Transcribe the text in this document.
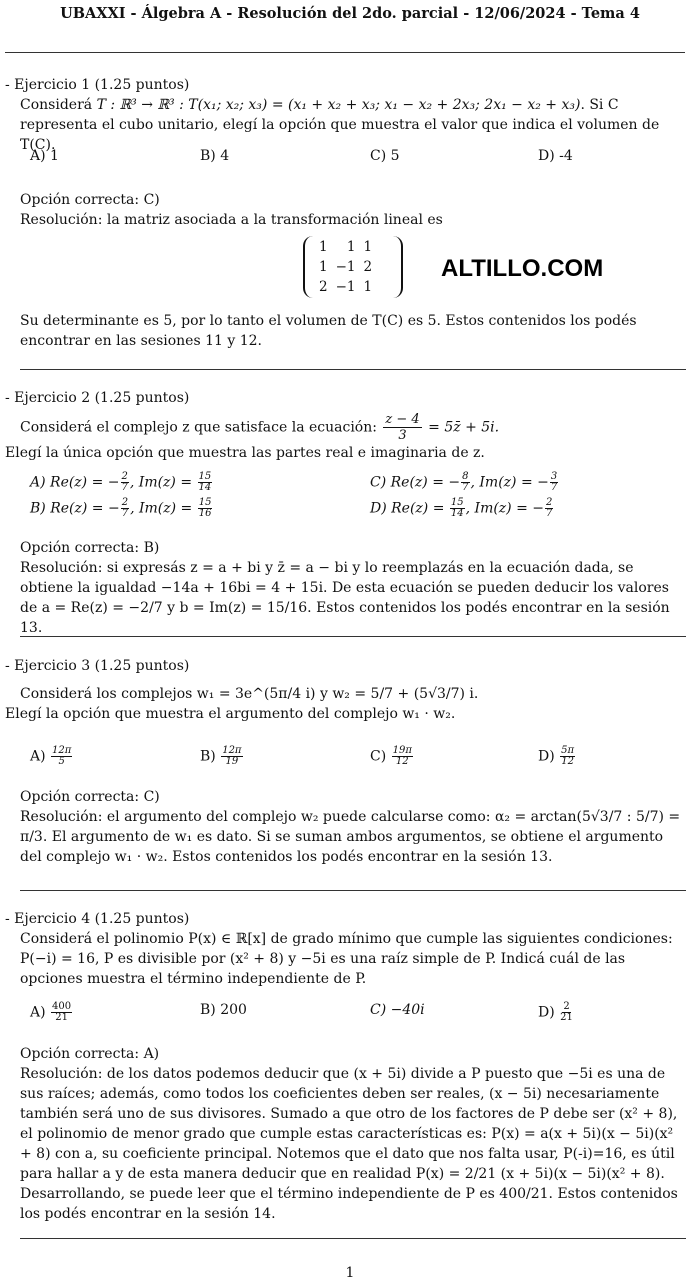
UBAXXI - Álgebra A - Resolución del 2do. parcial - 12/06/2024 - Tema 4
- Ejercicio 1 (1.25 puntos)
Considerá T : ℝ³ → ℝ³ : T(x₁; x₂; x₃) = (x₁ + x₂ + x₃; x₁ − x₂ + 2x₃; 2x₁ − x₂ + x₃). Si C representa el cubo unitario, elegí la opción que muestra el valor que indica el volumen de T(C).
A) 1	B) 4	C) 5	D) -4
Opción correcta: C)
Resolución: la matriz asociada a la transformación lineal es
1	1	1
1	−1	2
2	−1	1
ALTILLO.COM
Su determinante es 5, por lo tanto el volumen de T(C) es 5. Estos contenidos los podés encontrar en las sesiones 11 y 12.
- Ejercicio 2 (1.25 puntos)
Considerá el complejo z que satisface la ecuación: $\frac{z - 4}{3}$ = 5z̄ + 5i.
Elegí la única opción que muestra las partes real e imaginaria de z.
A) Re(z) = − $\frac{2}{7}$ , $Im(z) = \frac{15}{14}$	C) Re(z) = − $\frac{8}{7}$ , Im(z) = − $\frac{3}{7}$
B) Re(z) = − $\frac{2}{7}$ , $Im(z) = \frac{15}{16}$	D) $Re(z) = \frac{15}{14}$ , Im(z) = − $\frac{2}{7}$
Opción correcta: B)
Resolución: si expresás z = a + bi y z̄ = a − bi y lo reemplazás en la ecuación dada, se obtiene la igualdad −14a + 16bi = 4 + 15i. De esta ecuación se pueden deducir los valores de a = Re(z) = −2/7 y b = Im(z) = 15/16. Estos contenidos los podés encontrar en la sesión 13.
- Ejercicio 3 (1.25 puntos)
Considerá los complejos w₁ = 3e^(5π/4 i) y w₂ = 5/7 + (5√3/7) i.
Elegí la opción que muestra el argumento del complejo w₁ · w₂.
$A) \frac{12\pi}{5}$	$B) \frac{12\pi}{19}$	$C) \frac{19\pi}{12}$	$D) \frac{5\pi}{12}$
Opción correcta: C)
Resolución: el argumento del complejo w₂ puede calcularse como: α₂ = arctan(5√3/7 : 5/7) = π/3. El argumento de w₁ es dato. Si se suman ambos argumentos, se obtiene el argumento del complejo w₁ · w₂. Estos contenidos los podés encontrar en la sesión 13.
- Ejercicio 4 (1.25 puntos)
Considerá el polinomio P(x) ∈ ℝ[x] de grado mínimo que cumple las siguientes condiciones: P(−i) = 16, P es divisible por (x² + 8) y −5i es una raíz simple de P. Indicá cuál de las opciones muestra el término independiente de P.
$A) \frac{400}{21}$	B) 200	C) −40i	$D) \frac{2}{21}$
Opción correcta: A)
Resolución: de los datos podemos deducir que (x + 5i) divide a P puesto que −5i es una de sus raíces; además, como todos los coeficientes deben ser reales, (x − 5i) necesariamente también será uno de sus divisores. Sumado a que otro de los factores de P debe ser (x² + 8), el polinomio de menor grado que cumple estas características es: P(x) = a(x + 5i)(x − 5i)(x² + 8) con a, su coeficiente principal. Notemos que el dato que nos falta usar, P(-i)=16, es útil para hallar a y de esta manera deducir que en realidad P(x) = 2/21 (x + 5i)(x − 5i)(x² + 8). Desarrollando, se puede leer que el término independiente de P es 400/21. Estos contenidos los podés encontrar en la sesión 14.
1
